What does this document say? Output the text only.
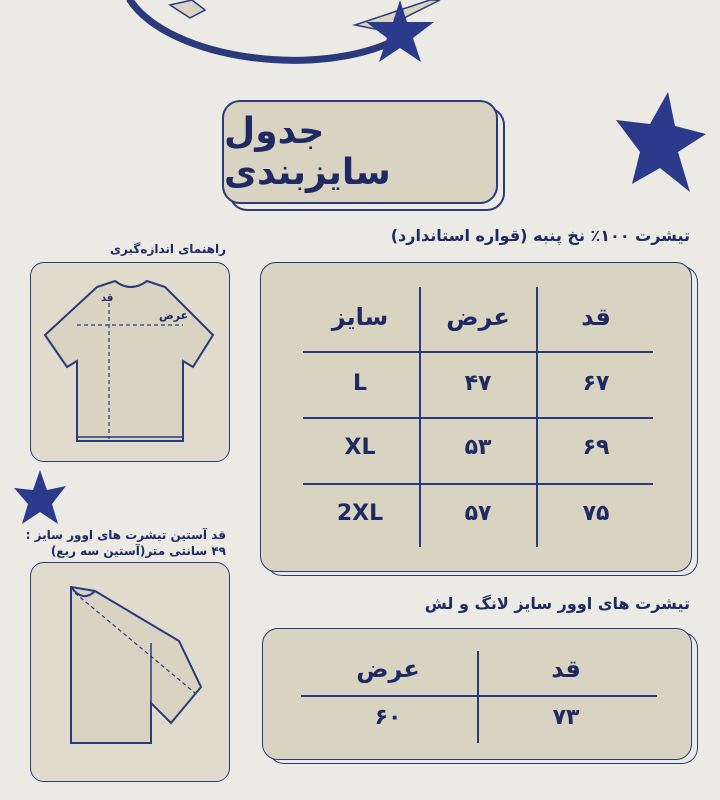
جدول سایزبندی
تیشرت ۱۰۰٪ نخ پنبه (قواره استاندارد)
راهنمای اندازه‌گیری
عرض
قد
قد آستین تیشرت های اوور سایز :
۴۹ سانتی متر(آستین سه ربع)
قد
عرض
سایز
۶۷
۴۷
L
۶۹
۵۳
XL
۷۵
۵۷
2XL
تیشرت های اوور سایز لانگ و لش
قد
عرض
۷۳
۶۰
